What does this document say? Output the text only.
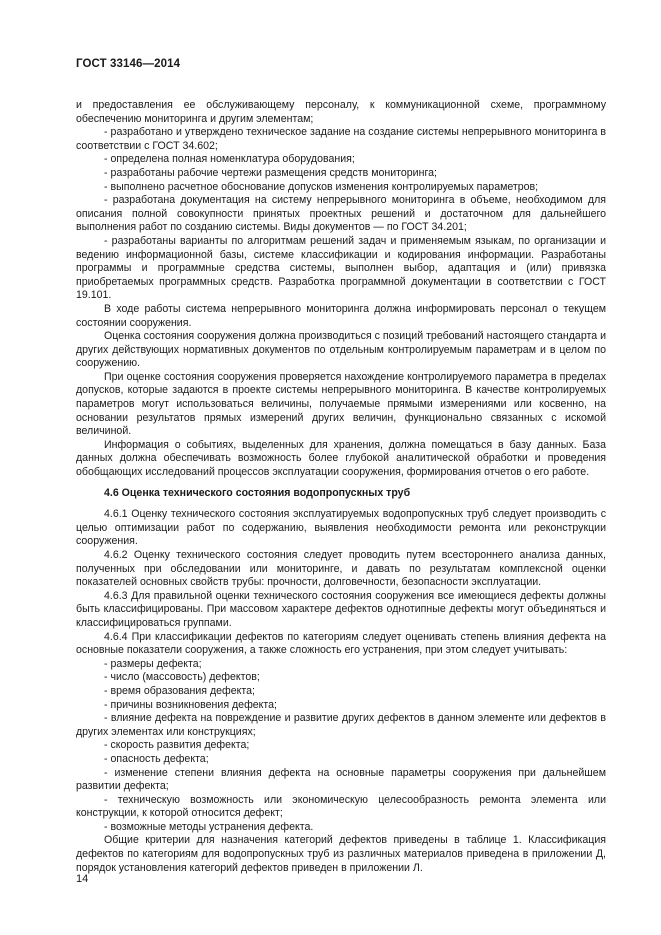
ГОСТ 33146—2014

и предоставления ее обслуживающему персоналу, к коммуникационной схеме, программному обеспечению мониторинга и другим элементам;

- разработано и утверждено техническое задание на создание системы непрерывного мониторинга в соответствии с ГОСТ 34.602;

- определена полная номенклатура оборудования;

- разработаны рабочие чертежи размещения средств мониторинга;

- выполнено расчетное обоснование допусков изменения контролируемых параметров;

- разработана документация на систему непрерывного мониторинга в объеме, необходимом для описания полной совокупности принятых проектных решений и достаточном для дальнейшего выполнения работ по созданию системы. Виды документов — по ГОСТ 34.201;

- разработаны варианты по алгоритмам решений задач и применяемым языкам, по организации и ведению информационной базы, системе классификации и кодирования информации. Разработаны программы и программные средства системы, выполнен выбор, адаптация и (или) привязка приобретаемых программных средств. Разработка программной документации в соответствии с ГОСТ 19.101.

В ходе работы система непрерывного мониторинга должна информировать персонал о текущем состоянии сооружения.

Оценка состояния сооружения должна производиться с позиций требований настоящего стандарта и других действующих нормативных документов по отдельным контролируемым параметрам и в целом по сооружению.

При оценке состояния сооружения проверяется нахождение контролируемого параметра в пределах допусков, которые задаются в проекте системы непрерывного мониторинга. В качестве контролируемых параметров могут использоваться величины, получаемые прямыми измерениями или косвенно, на основании результатов прямых измерений других величин, функционально связанных с искомой величиной.

Информация о событиях, выделенных для хранения, должна помещаться в базу данных. База данных должна обеспечивать возможность более глубокой аналитической обработки и проведения обобщающих исследований процессов эксплуатации сооружения, формирования отчетов о его работе.

4.6 Оценка технического состояния водопропускных труб

4.6.1 Оценку технического состояния эксплуатируемых водопропускных труб следует производить с целью оптимизации работ по содержанию, выявления необходимости ремонта или реконструкции сооружения.

4.6.2 Оценку технического состояния следует проводить путем всестороннего анализа данных, полученных при обследовании или мониторинге, и давать по результатам комплексной оценки показателей основных свойств трубы: прочности, долговечности, безопасности эксплуатации.

4.6.3 Для правильной оценки технического состояния сооружения все имеющиеся дефекты должны быть классифицированы. При массовом характере дефектов однотипные дефекты могут объединяться и классифицироваться группами.

4.6.4 При классификации дефектов по категориям следует оценивать степень влияния дефекта на основные показатели сооружения, а также сложность его устранения, при этом следует учитывать:

- размеры дефекта;

- число (массовость) дефектов;

- время образования дефекта;

- причины возникновения дефекта;

- влияние дефекта на повреждение и развитие других дефектов в данном элементе или дефектов в других элементах или конструкциях;

- скорость развития дефекта;

- опасность дефекта;

- изменение степени влияния дефекта на основные параметры сооружения при дальнейшем развитии дефекта;

- техническую возможность или экономическую целесообразность ремонта элемента или конструкции, к которой относится дефект;

- возможные методы устранения дефекта.

Общие критерии для назначения категорий дефектов приведены в таблице 1. Классификация дефектов по категориям для водопропускных труб из различных материалов приведена в приложении Д, порядок установления категорий дефектов приведен в приложении Л.

14
